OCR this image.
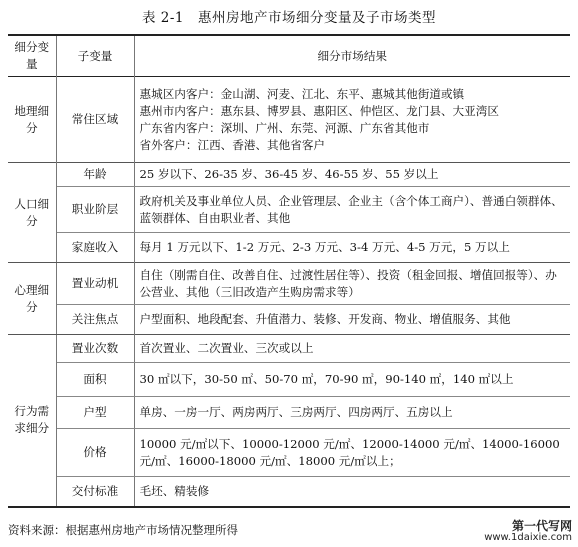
表 2-1　惠州房地产市场细分变量及子市场类型
细分变量	子变量	细分市场结果
地理细分	常住区域	惠城区内客户：金山湖、河麦、江北、东平、惠城其他街道或镇
惠州市内客户：惠东县、博罗县、惠阳区、仲恺区、龙门县、大亚湾区
广东省内客户：深圳、广州、东莞、河源、广东省其他市
省外客户：江西、香港、其他省客户

人口细分	年龄	25 岁以下、26-35 岁、36-45 岁、46-55 岁、55 岁以上
	职业阶层	政府机关及事业单位人员、企业管理层、企业主（含个体工商户）、普通白领群体、蓝领群体、自由职业者、其他
	家庭收入	每月 1 万元以下、1-2 万元、2-3 万元、3-4 万元、4-5 万元，5 万以上
心理细分	置业动机	自住（刚需自住、改善自住、过渡性居住等）、投资（租金回报、增值回报等）、办公营业、其他（三旧改造产生购房需求等）
	关注焦点	户型面积、地段配套、升值潜力、装修、开发商、物业、增值服务、其他
行为需求细分	置业次数	首次置业、二次置业、三次或以上
	面积	30 ㎡以下，30-50 ㎡、50-70 ㎡，70-90 ㎡，90-140 ㎡，140 ㎡以上
	户型	单房、一房一厅、两房两厅、三房两厅、四房两厅、五房以上
	价格	10000 元/㎡以下、10000-12000 元/㎡、12000-14000 元/㎡、14000-16000 元/㎡、16000-18000 元/㎡、18000 元/㎡以上；
	交付标准	毛坯、精装修
资料来源：根据惠州房地产市场情况整理所得	第一代写网
www.1daixie.com
